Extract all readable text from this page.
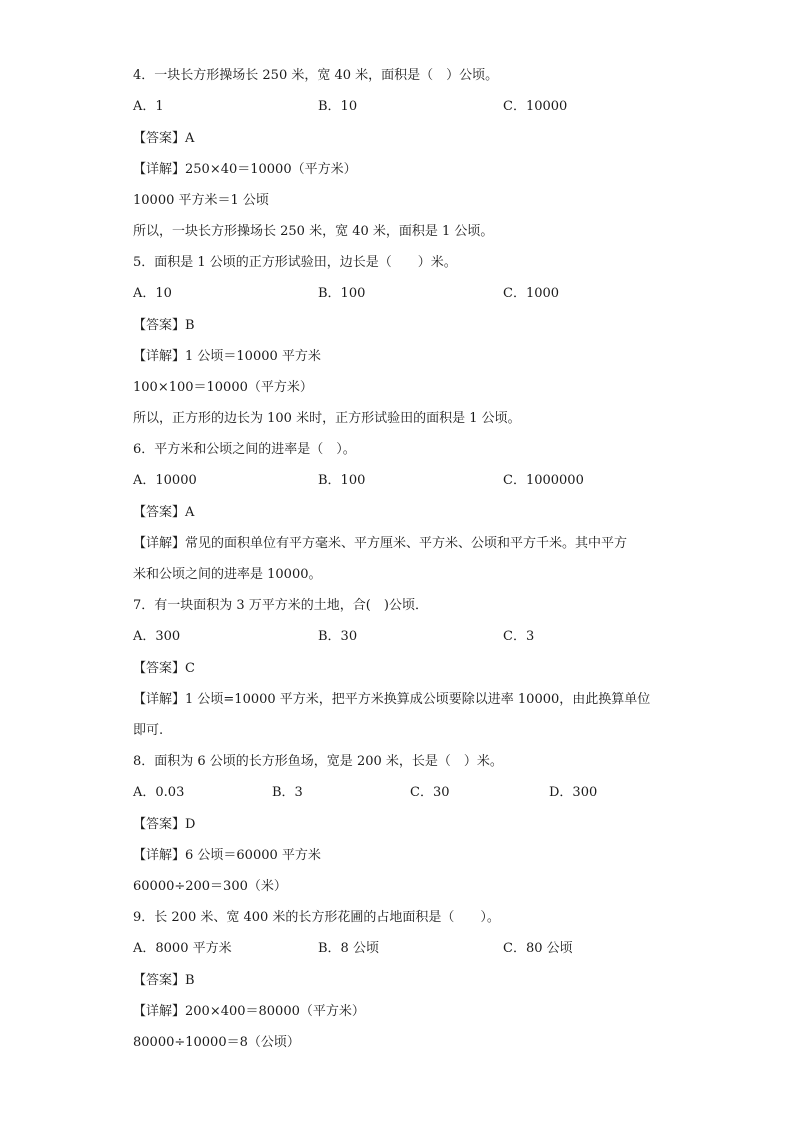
4．一块长方形操场长 250 米，宽 40 米，面积是（　）公顷。
A．1	B．10	C．10000
【答案】A
【详解】250×40＝10000（平方米）
10000 平方米＝1 公顷
所以，一块长方形操场长 250 米，宽 40 米，面积是 1 公顷。
5．面积是 1 公顷的正方形试验田，边长是（　　）米。
A．10	B．100	C．1000
【答案】B
【详解】1 公顷＝10000 平方米
100×100＝10000（平方米）
所以，正方形的边长为 100 米时，正方形试验田的面积是 1 公顷。
6．平方米和公顷之间的进率是（　）。
A．10000	B．100	C．1000000
【答案】A
【详解】常见的面积单位有平方毫米、平方厘米、平方米、公顷和平方千米。其中平方
米和公顷之间的进率是 10000。
7．有一块面积为 3 万平方米的土地，合(　)公顷．
A．300	B．30	C．3
【答案】C
【详解】1 公顷=10000 平方米，把平方米换算成公顷要除以进率 10000，由此换算单位
即可.
8．面积为 6 公顷的长方形鱼场，宽是 200 米，长是（　）米。
A．0.03	B．3	C．30	D．300
【答案】D
【详解】6 公顷＝60000 平方米
60000÷200＝300（米）
9．长 200 米、宽 400 米的长方形花圃的占地面积是（　　）。
A．8000 平方米	B．8 公顷	C．80 公顷
【答案】B
【详解】200×400＝80000（平方米）
80000÷10000＝8（公顷）
